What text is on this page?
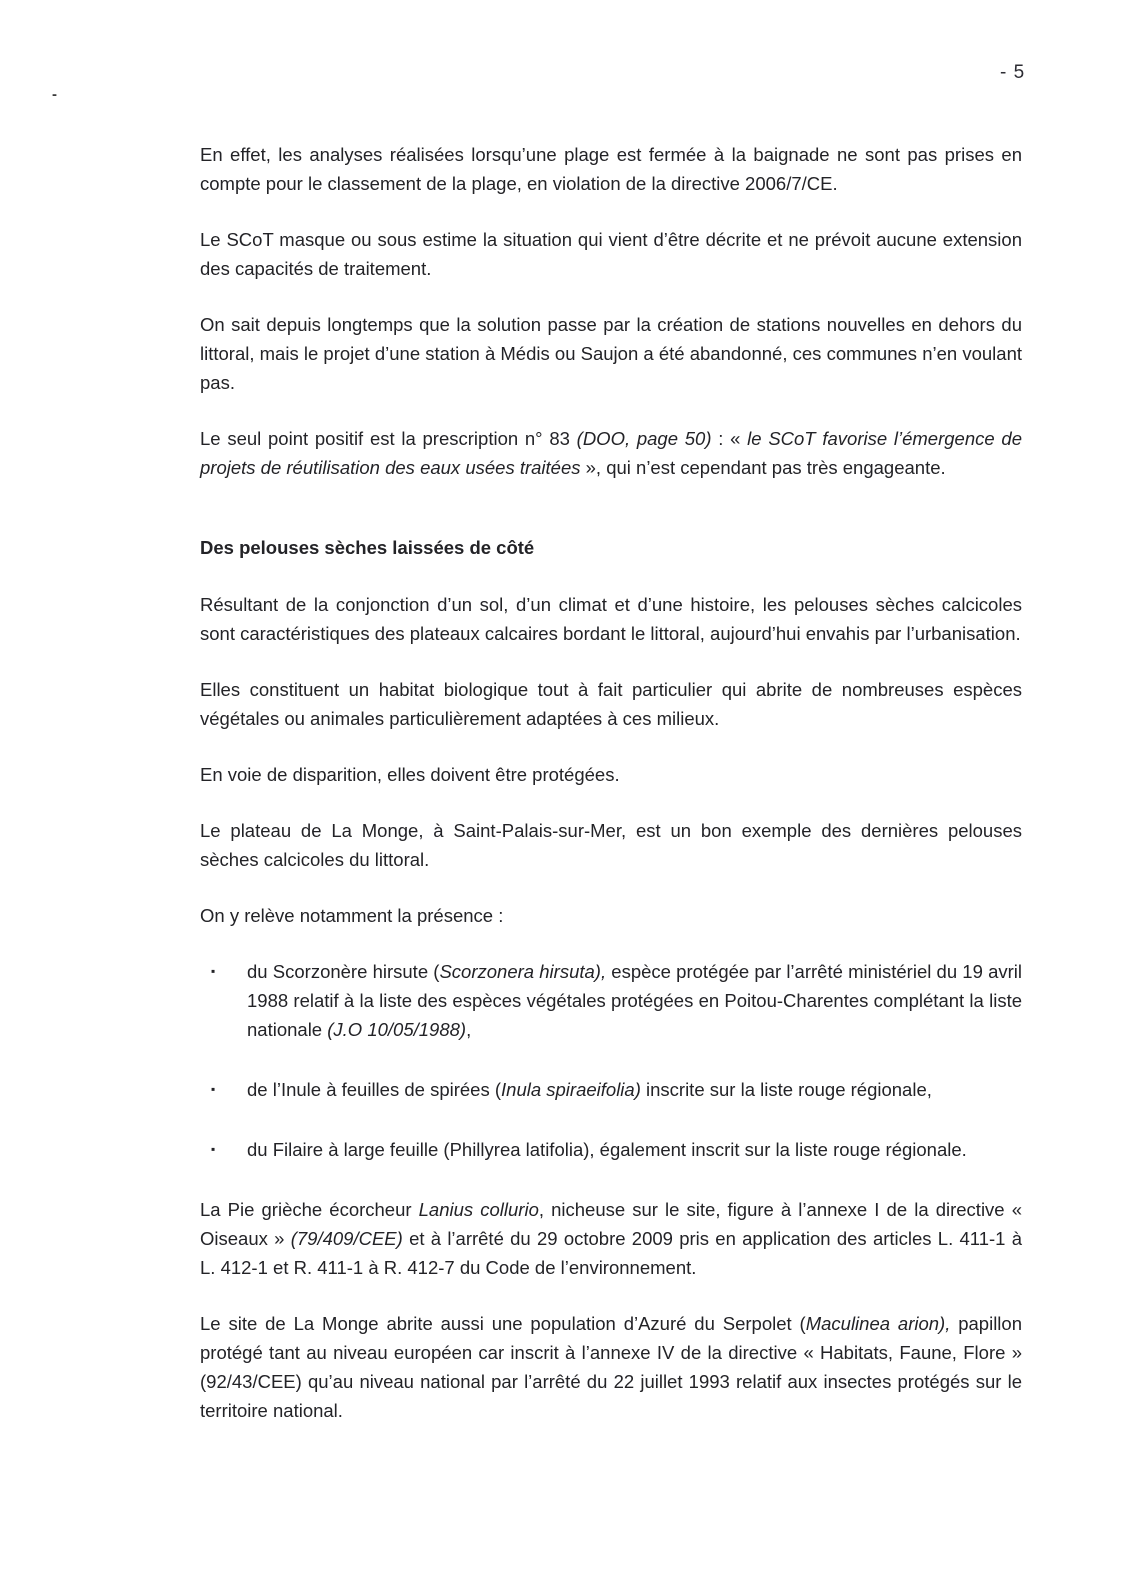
-
- 5
En effet, les analyses réalisées lorsqu’une plage est fermée à la baignade ne sont pas prises en compte pour le classement de la plage, en violation de la directive 2006/7/CE.
Le SCoT masque ou sous estime la situation qui vient d’être décrite et ne prévoit aucune extension des capacités de traitement.
On sait depuis longtemps que la solution passe par la création de stations nouvelles en dehors du littoral, mais le projet d’une station à Médis ou Saujon a été abandonné, ces communes n’en voulant pas.
Le seul point positif est la prescription n° 83 (DOO, page 50) : « le SCoT favorise l’émergence de projets de réutilisation des eaux usées traitées », qui n’est cependant pas très engageante.
Des pelouses sèches laissées de côté
Résultant de la conjonction d’un sol, d’un climat et d’une histoire, les pelouses sèches calcicoles sont caractéristiques des plateaux calcaires bordant le littoral, aujourd’hui envahis par l’urbanisation.
Elles constituent un habitat biologique tout à fait particulier qui abrite de nombreuses espèces végétales ou animales particulièrement adaptées à ces milieux.
En voie de disparition, elles doivent être protégées.
Le plateau de La Monge, à Saint-Palais-sur-Mer, est un bon exemple des dernières pelouses sèches calcicoles du littoral.
On y relève notamment la présence :
▪ du Scorzonère hirsute (Scorzonera hirsuta), espèce protégée par l’arrêté ministériel du 19 avril 1988 relatif à la liste des espèces végétales protégées en Poitou-Charentes complétant la liste nationale (J.O 10/05/1988),
▪ de l’Inule à feuilles de spirées (Inula spiraeifolia) inscrite sur la liste rouge régionale,
▪ du Filaire à large feuille (Phillyrea latifolia), également inscrit sur la liste rouge régionale.
La Pie grièche écorcheur Lanius collurio, nicheuse sur le site, figure à l’annexe I de la directive « Oiseaux » (79/409/CEE) et à l’arrêté du 29 octobre 2009 pris en application des articles L. 411-1 à L. 412-1 et R. 411-1 à R. 412-7 du Code de l’environnement.
Le site de La Monge abrite aussi une population d’Azuré du Serpolet (Maculinea arion), papillon protégé tant au niveau européen car inscrit à l’annexe IV de la directive « Habitats, Faune, Flore » (92/43/CEE) qu’au niveau national par l’arrêté du 22 juillet 1993 relatif aux insectes protégés sur le territoire national.
